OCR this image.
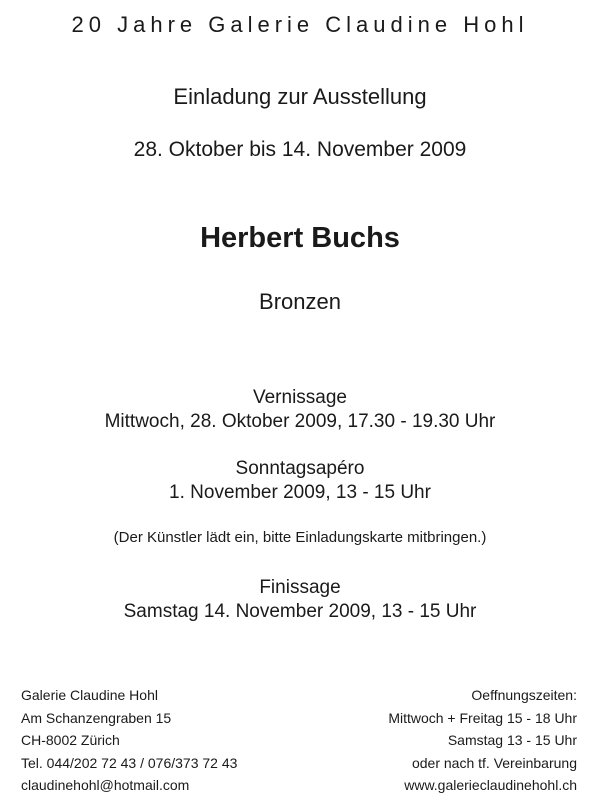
20 Jahre Galerie Claudine Hohl
Einladung zur Ausstellung
28. Oktober bis 14. November 2009
Herbert Buchs
Bronzen
Vernissage
Mittwoch, 28. Oktober 2009, 17.30 - 19.30 Uhr
Sonntagsapéro
1. November 2009, 13 - 15 Uhr
(Der Künstler lädt ein, bitte Einladungskarte mitbringen.)
Finissage
Samstag 14. November 2009, 13 - 15 Uhr
Galerie Claudine Hohl
Am Schanzengraben 15
CH-8002 Zürich
Tel. 044/202 72 43 / 076/373 72 43
claudinehohl@hotmail.com
Oeffnungszeiten:
Mittwoch + Freitag 15 - 18 Uhr
Samstag 13 - 15 Uhr
oder nach tf. Vereinbarung
www.galerieclaudinehohl.ch
